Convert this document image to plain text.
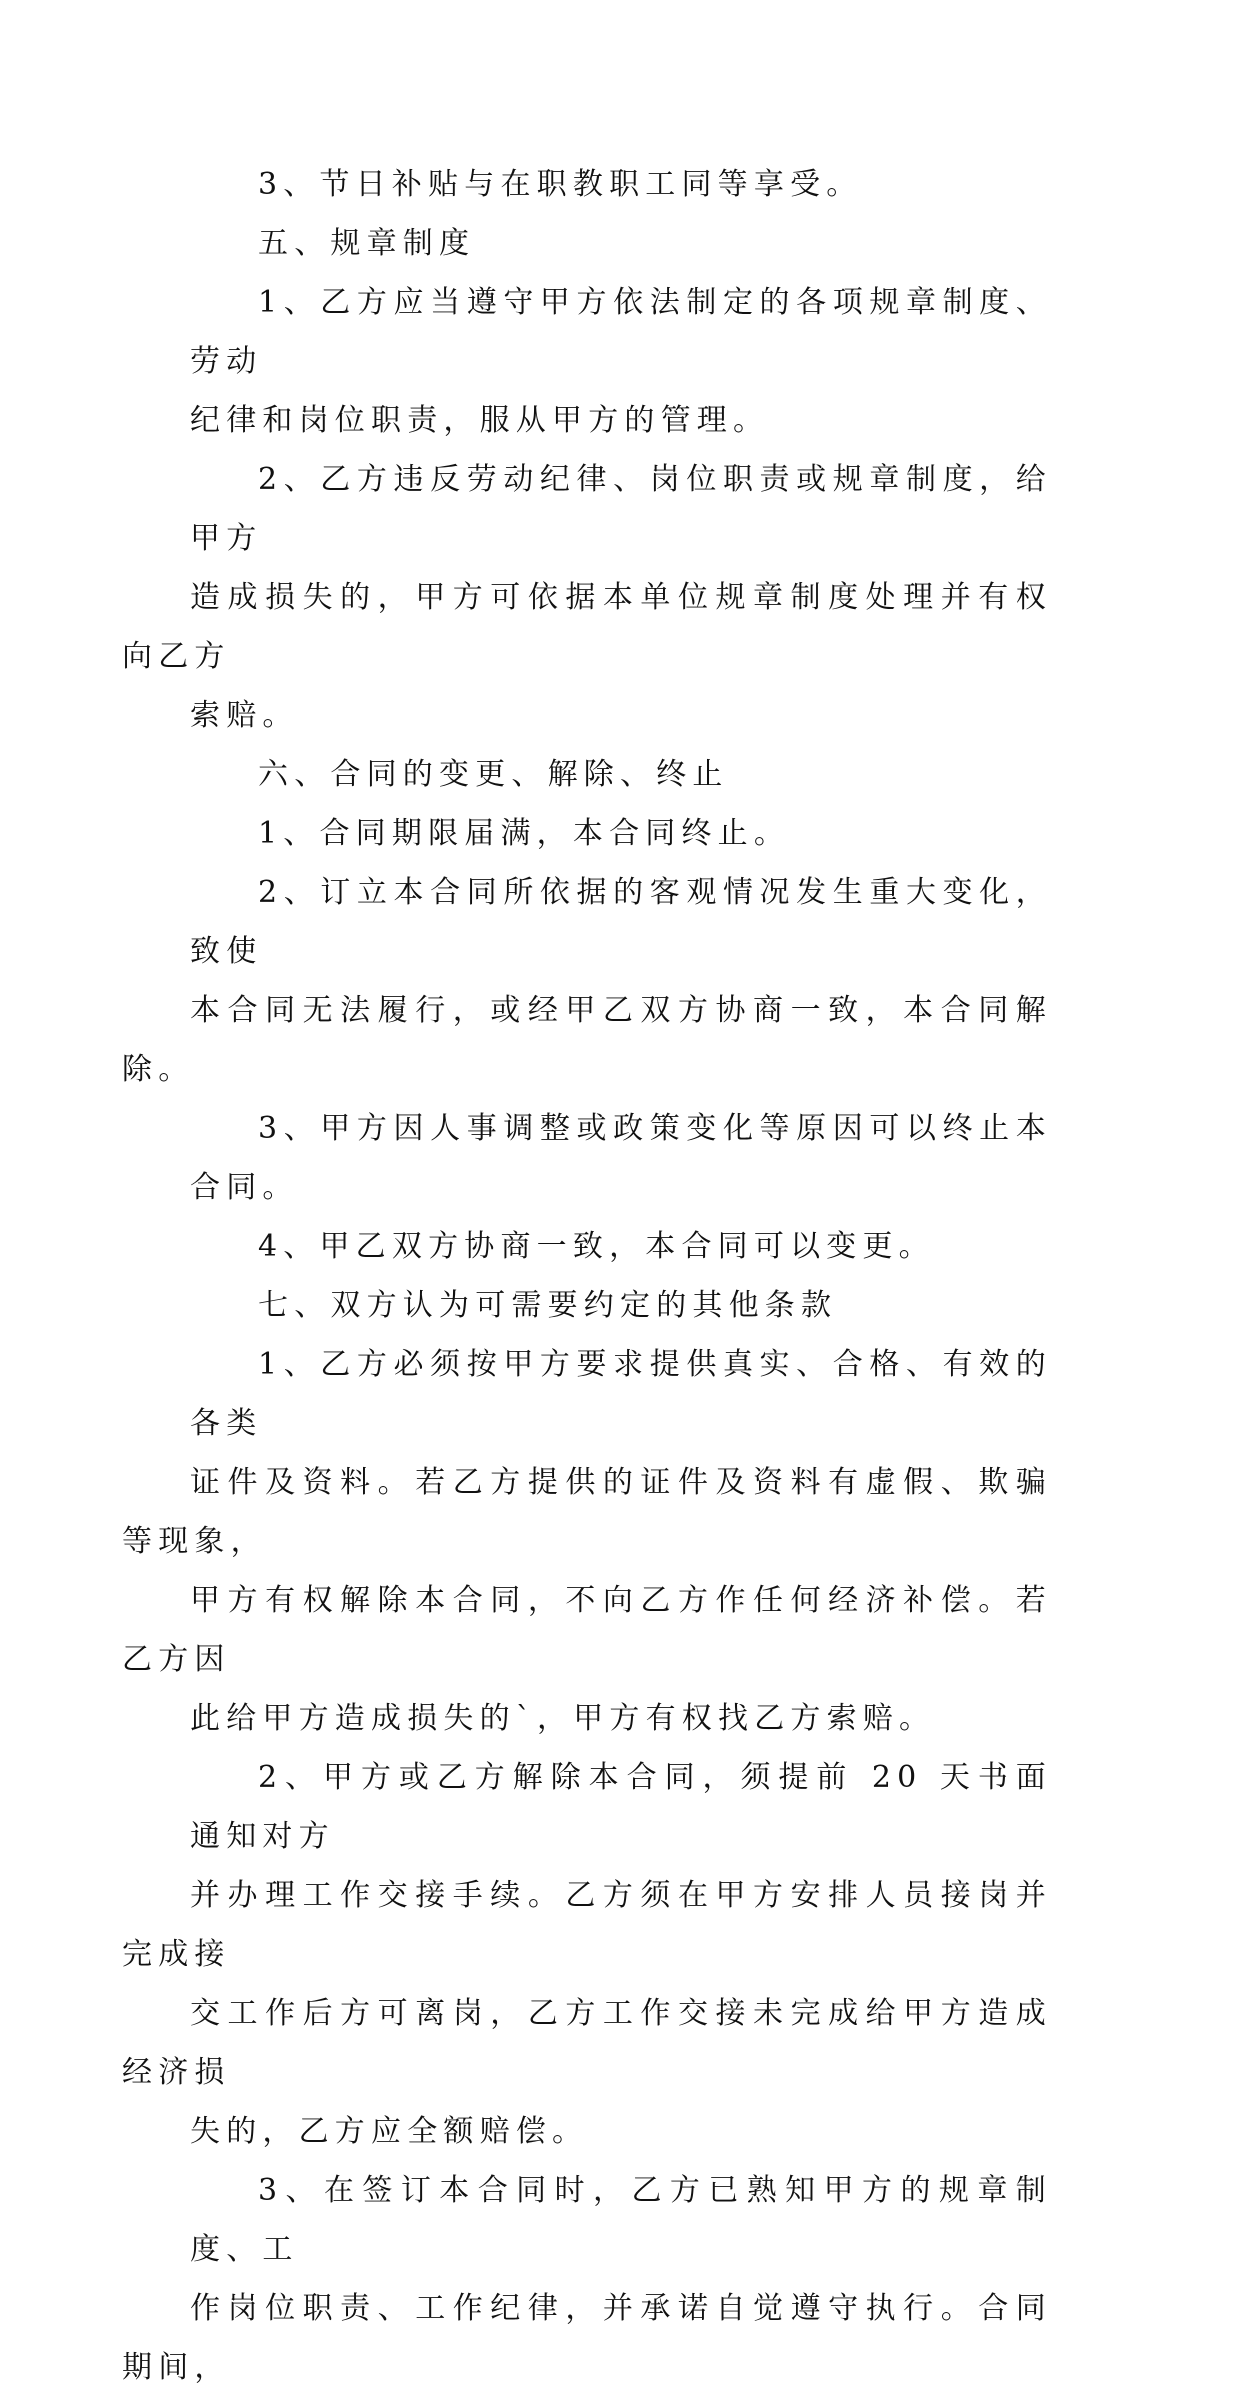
3、节日补贴与在职教职工同等享受。

五、规章制度

1、乙方应当遵守甲方依法制定的各项规章制度、劳动
纪律和岗位职责，服从甲方的管理。

2、乙方违反劳动纪律、岗位职责或规章制度，给甲方
造成损失的，甲方可依据本单位规章制度处理并有权向乙方
索赔。

六、合同的变更、解除、终止

1、合同期限届满，本合同终止。

2、订立本合同所依据的客观情况发生重大变化，致使
本合同无法履行，或经甲乙双方协商一致，本合同解除。

3、甲方因人事调整或政策变化等原因可以终止本合同。

4、甲乙双方协商一致，本合同可以变更。

七、双方认为可需要约定的其他条款

1、乙方必须按甲方要求提供真实、合格、有效的各类
证件及资料。若乙方提供的证件及资料有虚假、欺骗等现象，
甲方有权解除本合同，不向乙方作任何经济补偿。若乙方因
此给甲方造成损失的`，甲方有权找乙方索赔。

2、甲方或乙方解除本合同，须提前 20 天书面通知对方
并办理工作交接手续。乙方须在甲方安排人员接岗并完成接
交工作后方可离岗，乙方工作交接未完成给甲方造成经济损
失的，乙方应全额赔偿。

3、在签订本合同时，乙方已熟知甲方的规章制度、工
作岗位职责、工作纪律，并承诺自觉遵守执行。合同期间，
